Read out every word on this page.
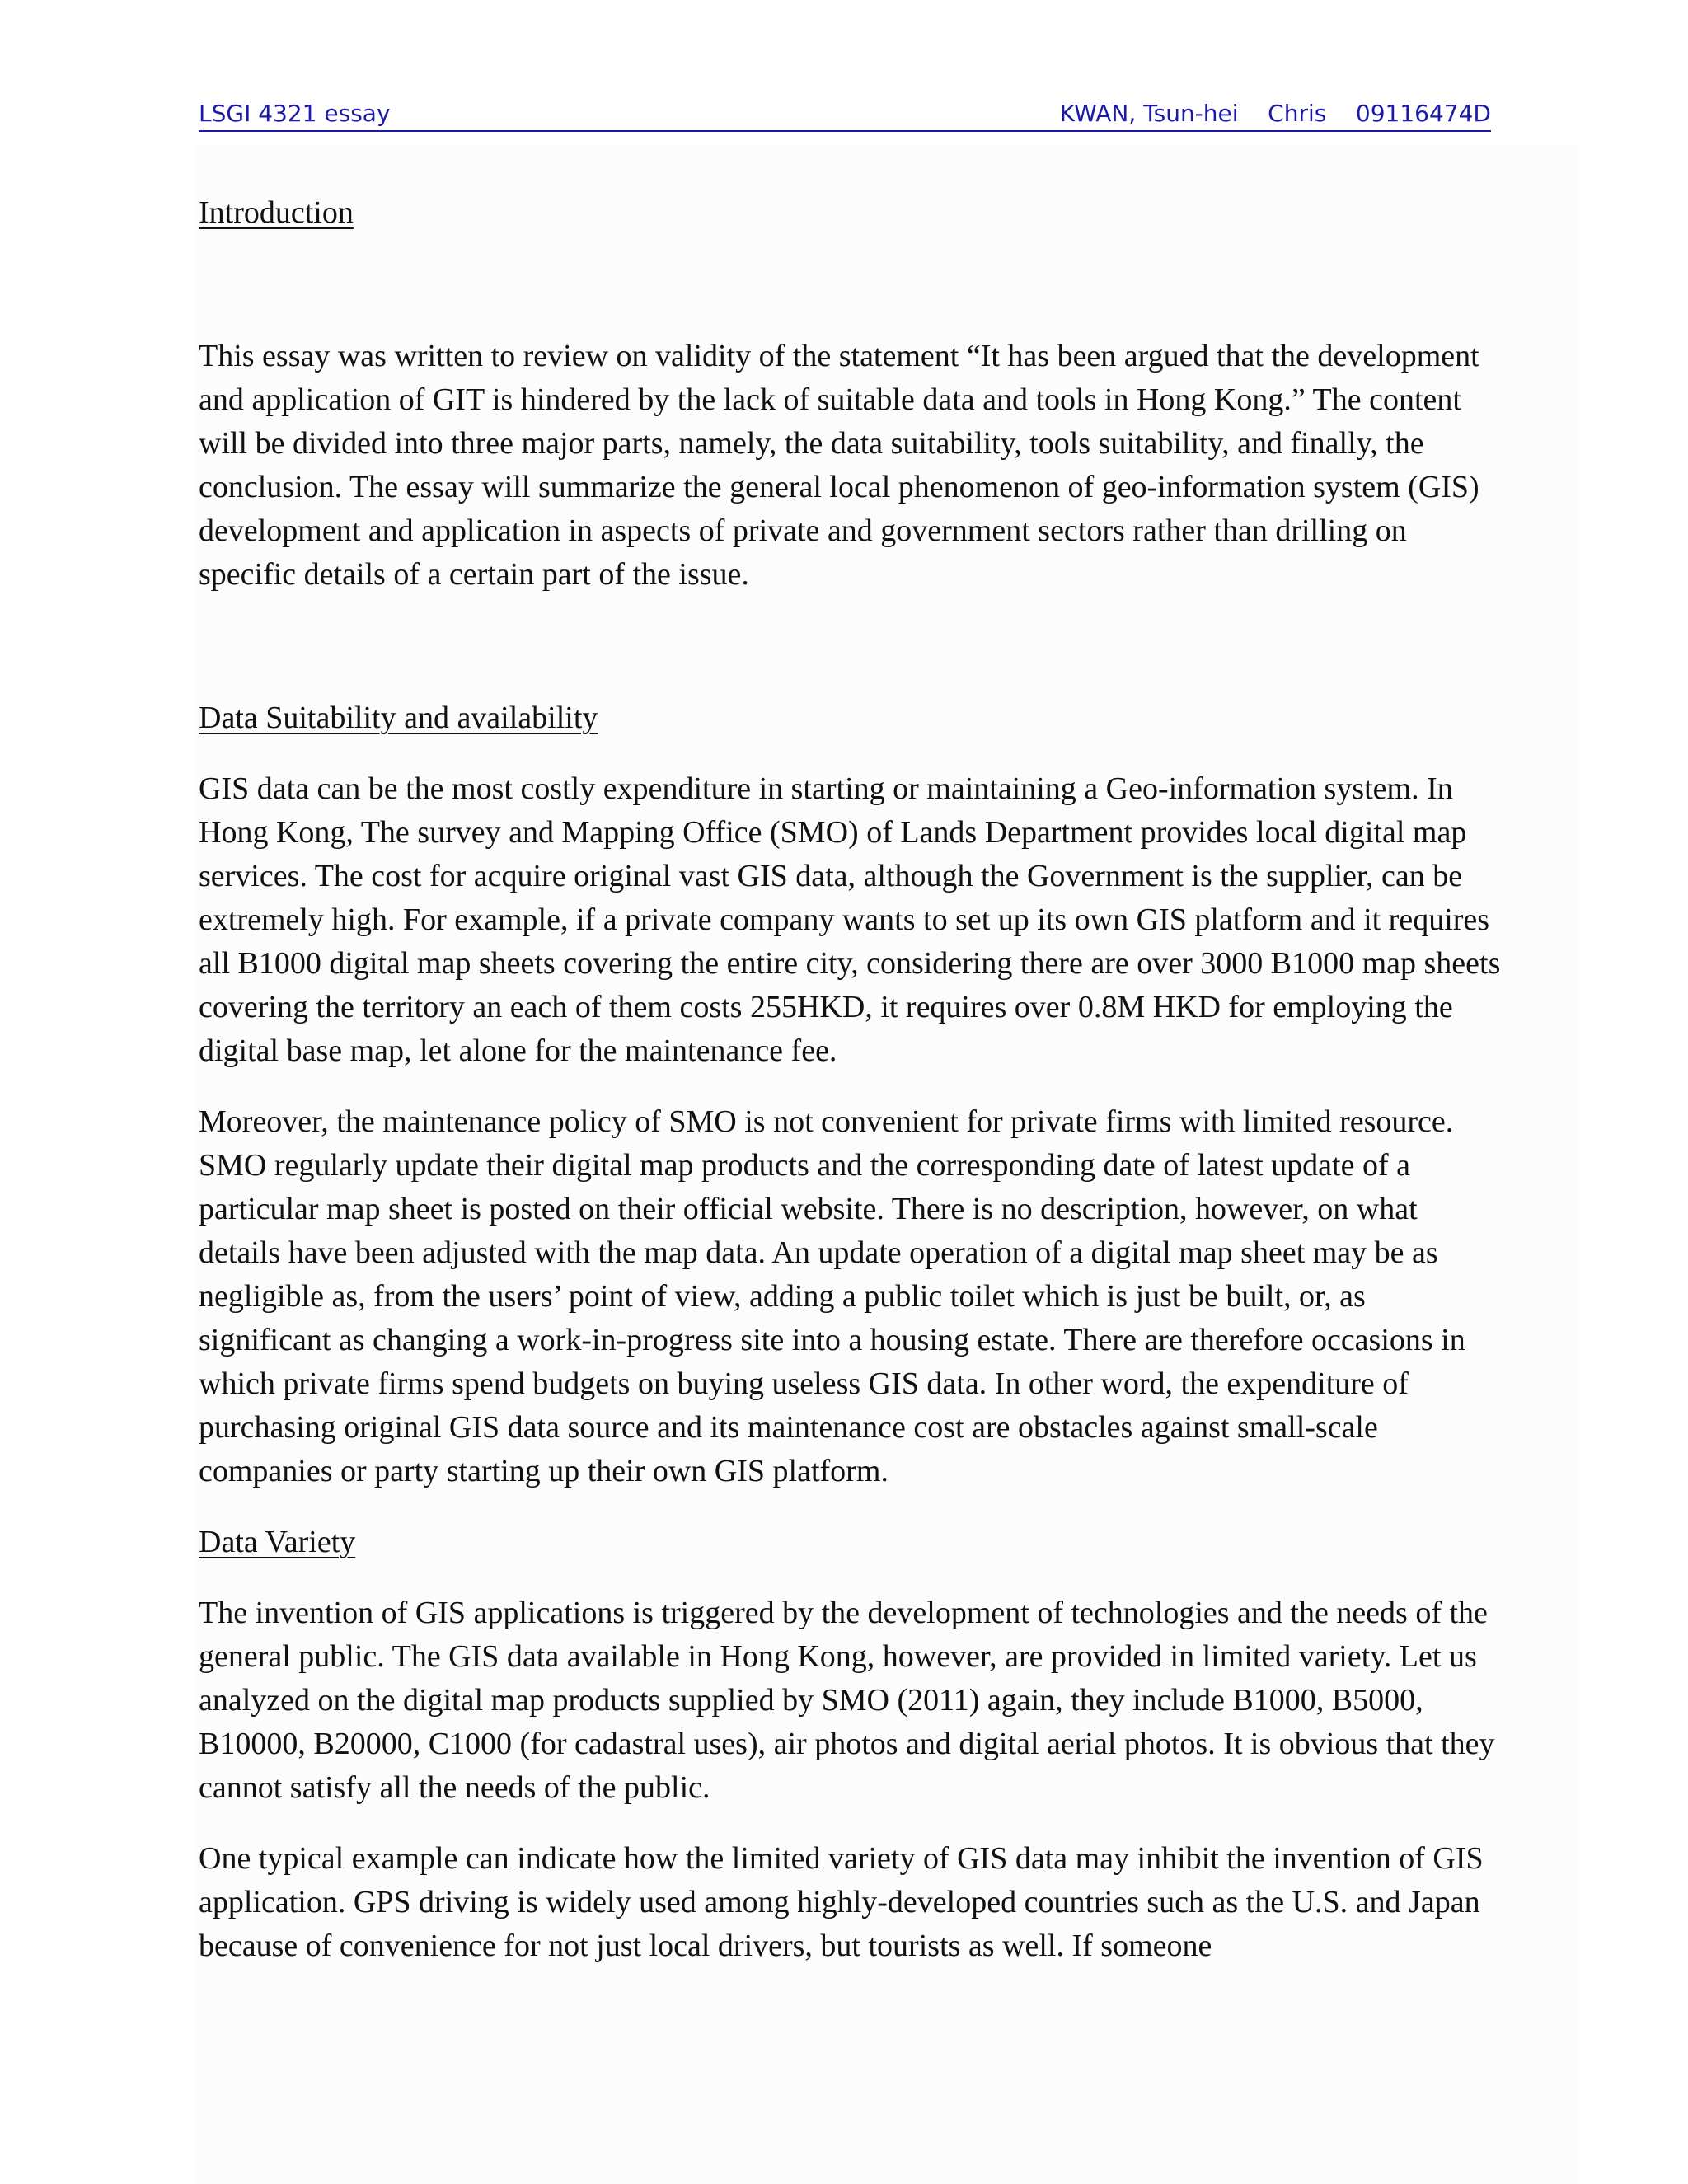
LSGI 4321 essay	KWAN, Tsun-hei    Chris    09116474D

Introduction

This essay was written to review on validity of the statement “It has been argued that the development and application of GIT is hindered by the lack of suitable data and tools in Hong Kong.” The content will be divided into three major parts, namely, the data suitability, tools suitability, and finally, the conclusion. The essay will summarize the general local phenomenon of geo-information system (GIS) development and application in aspects of private and government sectors rather than drilling on specific details of a certain part of the issue.

Data Suitability and availability

GIS data can be the most costly expenditure in starting or maintaining a Geo-information system. In Hong Kong, The survey and Mapping Office (SMO) of Lands Department provides local digital map services. The cost for acquire original vast GIS data, although the Government is the supplier, can be extremely high. For example, if a private company wants to set up its own GIS platform and it requires all B1000 digital map sheets covering the entire city, considering there are over 3000 B1000 map sheets covering the territory an each of them costs 255HKD, it requires over 0.8M HKD for employing the digital base map, let alone for the maintenance fee.

Moreover, the maintenance policy of SMO is not convenient for private firms with limited resource. SMO regularly update their digital map products and the corresponding date of latest update of a particular map sheet is posted on their official website. There is no description, however, on what details have been adjusted with the map data. An update operation of a digital map sheet may be as negligible as, from the users’ point of view, adding a public toilet which is just be built, or, as significant as changing a work-in-progress site into a housing estate. There are therefore occasions in which private firms spend budgets on buying useless GIS data. In other word, the expenditure of purchasing original GIS data source and its maintenance cost are obstacles against small-scale companies or party starting up their own GIS platform.

Data Variety

The invention of GIS applications is triggered by the development of technologies and the needs of the general public. The GIS data available in Hong Kong, however, are provided in limited variety. Let us analyzed on the digital map products supplied by SMO (2011) again, they include B1000, B5000, B10000, B20000, C1000 (for cadastral uses), air photos and digital aerial photos. It is obvious that they cannot satisfy all the needs of the public.

One typical example can indicate how the limited variety of GIS data may inhibit the invention of GIS application. GPS driving is widely used among highly-developed countries such as the U.S. and Japan because of convenience for not just local drivers, but tourists as well. If someone
